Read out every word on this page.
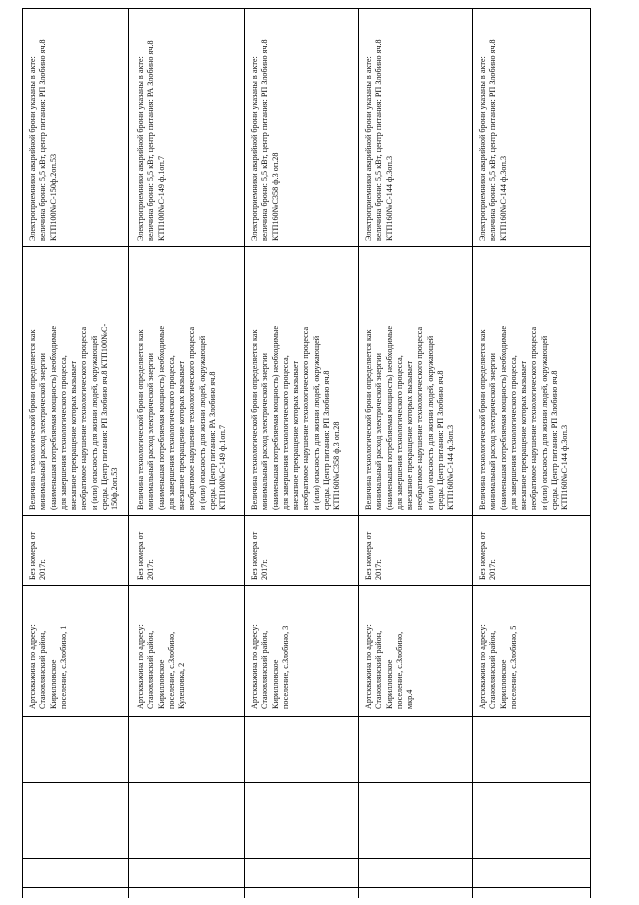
Артскважина по адресу: Становлянский район, Кирилловское поселение, с.Злобино, 1
Без номера от 2017г.
Величина технологической брони определяется как минимальный расход электрической энергии (наименьшая потребляемая мощность) необходимые для завершения технологического процесса, внезапное прекращение которых вызывает необратимое нарушение технологического процесса и (или) опасность для жизни людей, окружающей среды. Центр питания: РП Злобино яч.8 КТП100№С- 150ф.2оп.53
Электроприемники аварийной брони указаны в акте: величина брони: 5,5 кВт, центр питания: РП Злобино яч.8 КТП100№С-150ф.2оп.53
Артскважина по адресу: Становлянский район, Кирилловское поселение, с.Злобино, Кулешовка, 2
Без номера от 2017г.
Величина технологической брони определяется как минимальный расход электрической энергии (наименьшая потребляемая мощность) необходимые для завершения технологического процесса, внезапное прекращение которых вызывает необратимое нарушение технологического процесса и (или) опасность для жизни людей, окружающей среды. Центр питания: РА Злобино яч.8 КТП100№С-149 ф.1оп.7
Электроприемники аварийной брони указаны в акте: величина брони: 5,5 кВт, центр питания: РА Злобино яч.8 КТП100№С-149 ф.1оп.7
Артскважина по адресу: Становлянский район, Кирилловское поселение, с.Злобино, 3
Без номера от 2017г.
Величина технологической брони определяется как минимальный расход электрической энергии (наименьшая потребляемая мощность) необходимые для завершения технологического процесса, внезапное прекращение которых вызывает необратимое нарушение технологического процесса и (или) опасность для жизни людей, окружающей среды. Центр питания: РП Злобино яч.8 КТП160№С358 ф.3 оп.28
Электроприемники аварийной брони указаны в акте: величина брони: 5,5 кВт, центр питания: РП Злобино яч.8 КТП160№С358 ф.3 оп.28
Артскважина по адресу: Становлянский район, Кирилловское поселение, с.Злобино, мкр.4
Без номера от 2017г.
Величина технологической брони определяется как минимальный расход электрической энергии (наименьшая потребляемая мощность) необходимые для завершения технологического процесса, внезапное прекращение которых вызывает необратимое нарушение технологического процесса и (или) опасность для жизни людей, окружающей среды. Центр питания: РП Злобино яч.8 КТП160№С-144 ф.3оп.3
Электроприемники аварийной брони указаны в акте: величина брони: 5,5 кВт, центр питания: РП Злобино яч.8 КТП160№С-144 ф.3оп.3
Артскважина по адресу: Становлянский район, Кирилловское поселение, с.Злобино, 5
Без номера от 2017г.
Величина технологической брони определяется как минимальный расход электрической энергии (наименьшая потребляемая мощность) необходимые для завершения технологического процесса, внезапное прекращение которых вызывает необратимое нарушение технологического процесса и (или) опасность для жизни людей, окружающей среды. Центр питания: РП Злобино яч.8 КТП160№С-144 ф.3оп.3
Электроприемники аварийной брони указаны в акте: величина брони: 5,5 кВт, центр питания: РП Злобино яч.8 КТП160№С-144 ф.3оп.3
